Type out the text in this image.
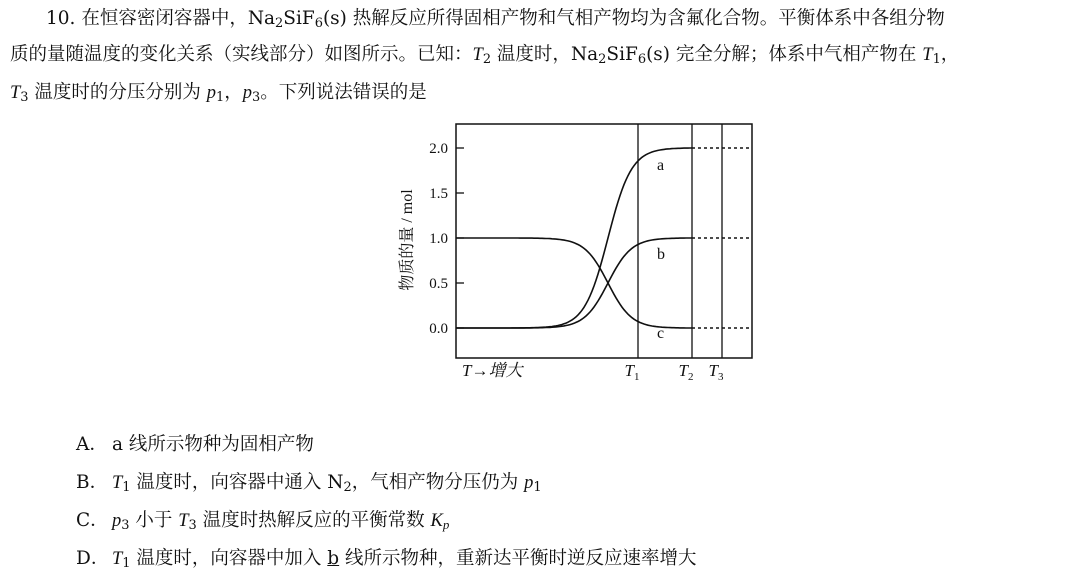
10. 在恒容密闭容器中，$Na_2SiF_6(s)$ 热解反应所得固相产物和气相产物均为含氟化合物。平衡体系中各组分物
质的量随温度的变化关系（实线部分）如图所示。已知：$T_2$ 温度时，$Na_2SiF_6(s)$ 完全分解；体系中气相产物在 $T_1$，
$T_3$ 温度时的分压分别为 $p_1$，$p_3$。下列说法错误的是
2.0
1.5
1.0
0.5
0.0
a
b
c
$T_1$ $T_2$ $T_3$
物质的量 / mol
T→增大
A． a 线所示物种为固相产物
B． $T_1$ 温度时，向容器中通入 $N_2$，气相产物分压仍为 $p_1$
C． $p_3$ 小于 $T_3$ 温度时热解反应的平衡常数 $K_p$
D． $T_1$ 温度时，向容器中加入 b 线所示物种，重新达平衡时逆反应速率增大
